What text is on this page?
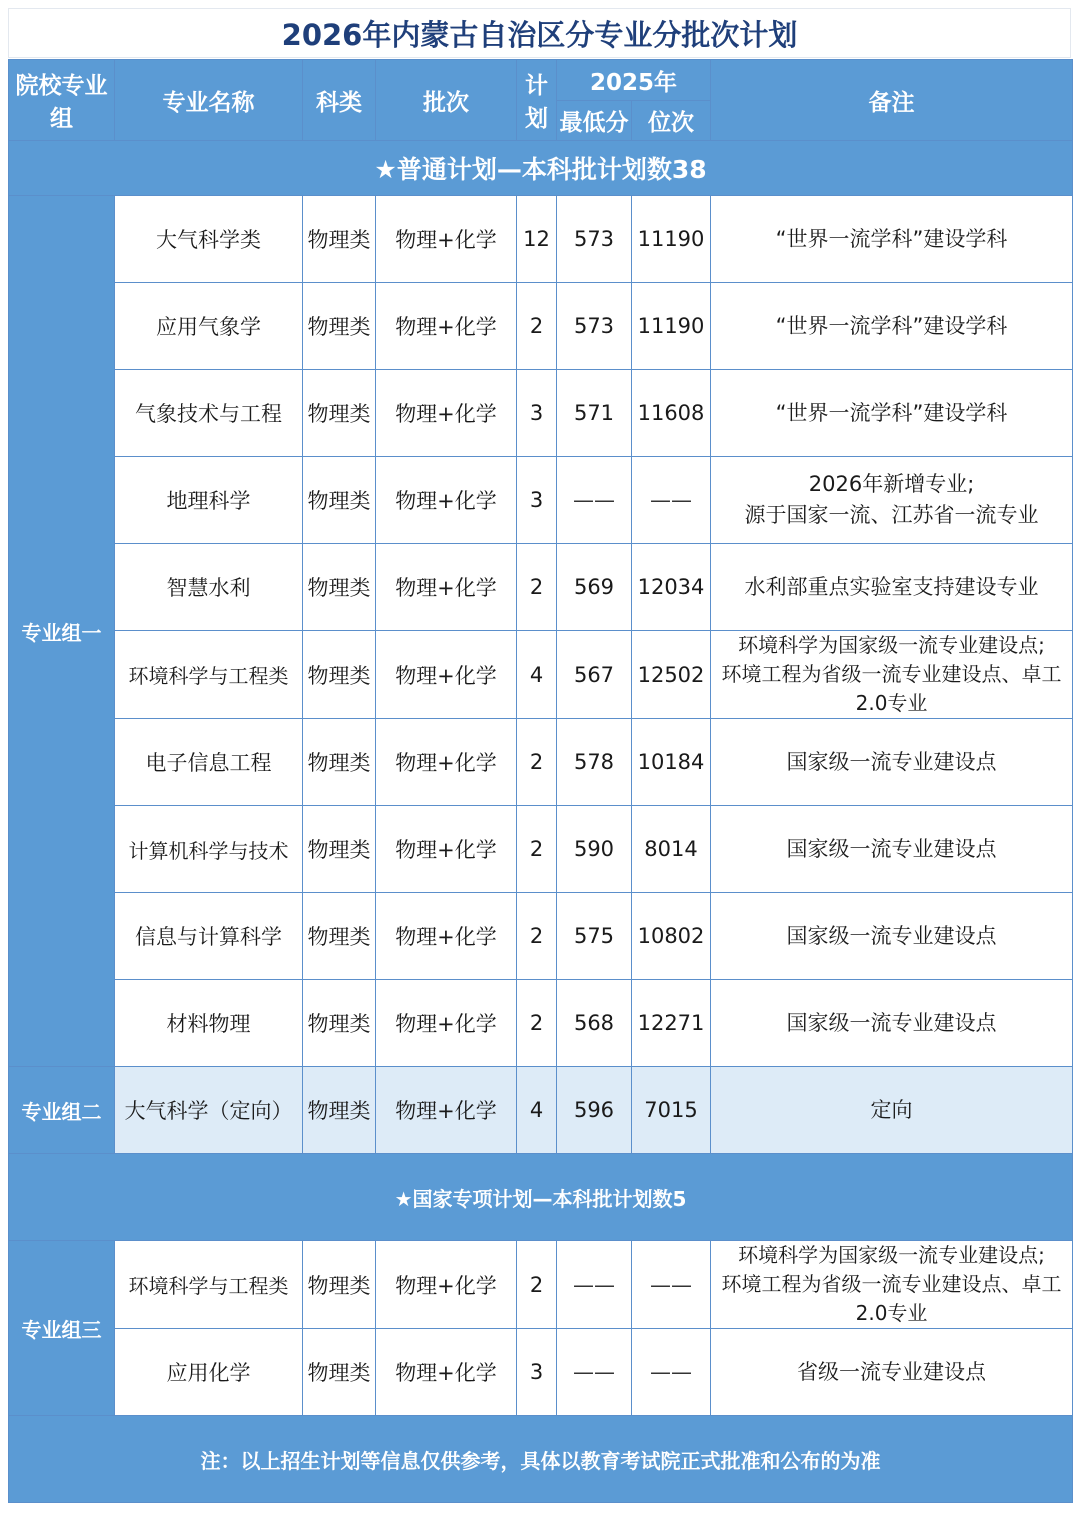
2026年内蒙古自治区分专业分批次计划
院校专业组	专业名称	科类	批次	计划	2025年		备注
					最低分	位次	
★普通计划—本科批计划数38							
专业组一	大气科学类	物理类	物理+化学	12	573	11190	“世界一流学科”建设学科
	应用气象学	物理类	物理+化学	2	573	11190	“世界一流学科”建设学科
	气象技术与工程	物理类	物理+化学	3	571	11608	“世界一流学科”建设学科
	地理科学	物理类	物理+化学	3	——	——	2026年新增专业;
源于国家一流、江苏省一流专业

	智慧水利	物理类	物理+化学	2	569	12034	水利部重点实验室支持建设专业
	环境科学与工程类	物理类	物理+化学	4	567	12502	环境科学为国家级一流专业建设点;
环境工程为省级一流专业建设点、卓工2.0专业

	电子信息工程	物理类	物理+化学	2	578	10184	国家级一流专业建设点
	计算机科学与技术	物理类	物理+化学	2	590	8014	国家级一流专业建设点
	信息与计算科学	物理类	物理+化学	2	575	10802	国家级一流专业建设点
	材料物理	物理类	物理+化学	2	568	12271	国家级一流专业建设点
专业组二	大气科学（定向）	物理类	物理+化学	4	596	7015	定向
★国家专项计划—本科批计划数5							
专业组三	环境科学与工程类	物理类	物理+化学	2	——	——	环境科学为国家级一流专业建设点;
环境工程为省级一流专业建设点、卓工2.0专业

	应用化学	物理类	物理+化学	3	——	——	省级一流专业建设点
注：以上招生计划等信息仅供参考，具体以教育考试院正式批准和公布的为准							
